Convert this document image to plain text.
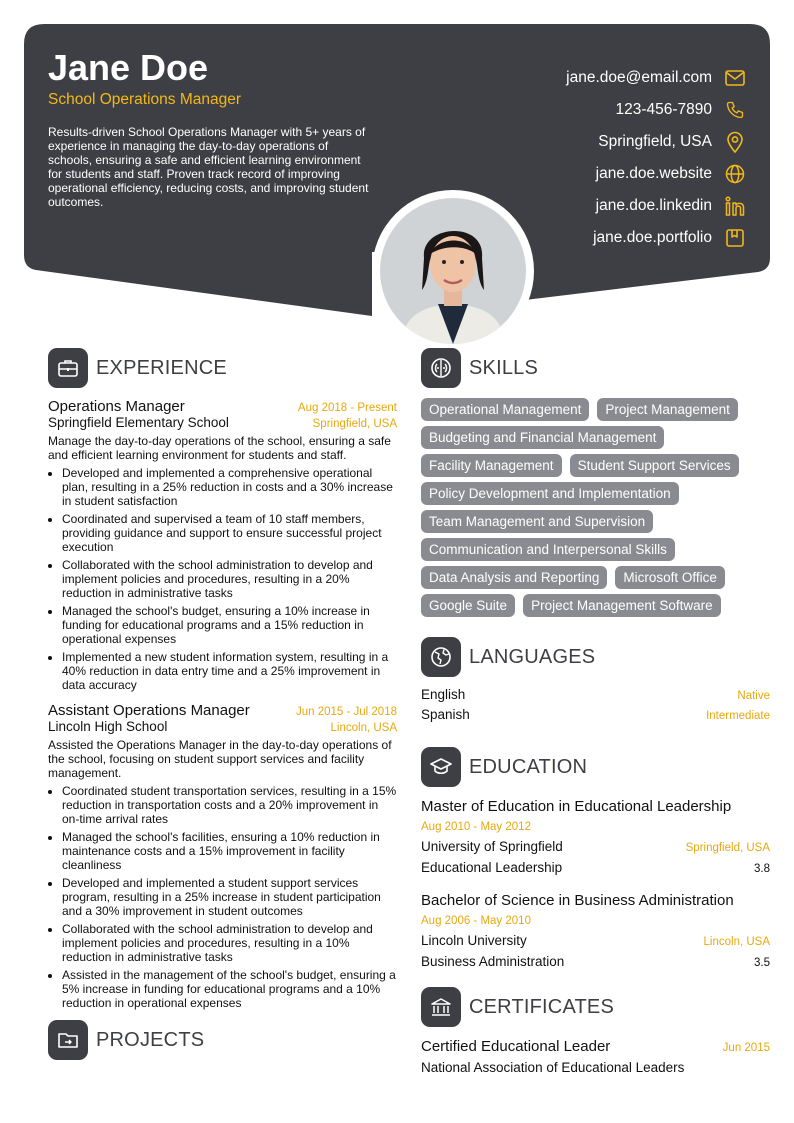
Jane Doe
School Operations Manager
Results-driven School Operations Manager with 5+ years of experience in managing the day-to-day operations of schools, ensuring a safe and efficient learning environment for students and staff. Proven track record of improving operational efficiency, reducing costs, and improving student outcomes.
jane.doe@email.com
123-456-7890
Springfield, USA
jane.doe.website
jane.doe.linkedin
jane.doe.portfolio
EXPERIENCE
Operations Manager	Aug 2018 - Present
Springfield Elementary School	Springfield, USA
Manage the day-to-day operations of the school, ensuring a safe and efficient learning environment for students and staff.
• Developed and implemented a comprehensive operational plan, resulting in a 25% reduction in costs and a 30% increase in student satisfaction
• Coordinated and supervised a team of 10 staff members, providing guidance and support to ensure successful project execution
• Collaborated with the school administration to develop and implement policies and procedures, resulting in a 20% reduction in administrative tasks
• Managed the school's budget, ensuring a 10% increase in funding for educational programs and a 15% reduction in operational expenses
• Implemented a new student information system, resulting in a 40% reduction in data entry time and a 25% improvement in data accuracy
Assistant Operations Manager	Jun 2015 - Jul 2018
Lincoln High School	Lincoln, USA
Assisted the Operations Manager in the day-to-day operations of the school, focusing on student support services and facility management.
• Coordinated student transportation services, resulting in a 15% reduction in transportation costs and a 20% improvement in on-time arrival rates
• Managed the school's facilities, ensuring a 10% reduction in maintenance costs and a 15% improvement in facility cleanliness
• Developed and implemented a student support services program, resulting in a 25% increase in student participation and a 30% improvement in student outcomes
• Collaborated with the school administration to develop and implement policies and procedures, resulting in a 10% reduction in administrative tasks
• Assisted in the management of the school's budget, ensuring a 5% increase in funding for educational programs and a 10% reduction in operational expenses
PROJECTS
SKILLS
Operational Management	Project Management
Budgeting and Financial Management
Facility Management	Student Support Services
Policy Development and Implementation
Team Management and Supervision
Communication and Interpersonal Skills
Data Analysis and Reporting	Microsoft Office
Google Suite	Project Management Software
LANGUAGES
English	Native
Spanish	Intermediate
EDUCATION
Master of Education in Educational Leadership
Aug 2010 - May 2012
University of Springfield	Springfield, USA
Educational Leadership	3.8
Bachelor of Science in Business Administration
Aug 2006 - May 2010
Lincoln University	Lincoln, USA
Business Administration	3.5
CERTIFICATES
Certified Educational Leader	Jun 2015
National Association of Educational Leaders
